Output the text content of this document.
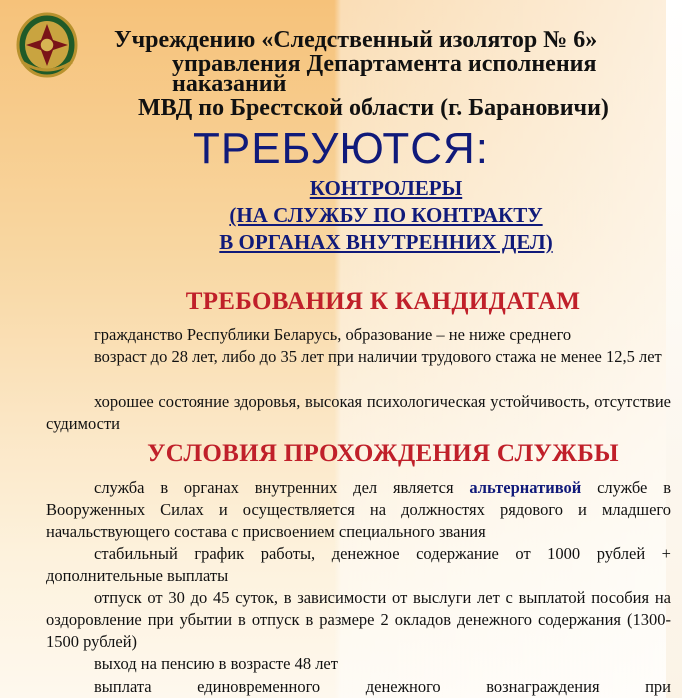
Учреждению «Следственный изолятор № 6»
управления Департамента исполнения
наказаний
МВД по Брестской области (г. Барановичи)
ТРЕБУЮТСЯ:
КОНТРОЛЕРЫ
(НА СЛУЖБУ ПО КОНТРАКТУ
В ОРГАНАХ ВНУТРЕННИХ ДЕЛ)
ТРЕБОВАНИЯ К КАНДИДАТАМ
гражданство Республики Беларусь, образование – не ниже среднего
возраст до 28 лет, либо до 35 лет при наличии трудового стажа не менее 12,5 лет
хорошее состояние здоровья, высокая психологическая устойчивость, отсутствие судимости
УСЛОВИЯ ПРОХОЖДЕНИЯ СЛУЖБЫ
служба в органах внутренних дел является альтернативой службе в Вооруженных Силах и осуществляется на должностях рядового и младшего начальствующего состава с присвоением специального звания
стабильный график работы, денежное содержание от 1000 рублей + дополнительные выплаты
отпуск от 30 до 45 суток, в зависимости от выслуги лет с выплатой пособия на оздоровление при убытии в отпуск в размере 2 окладов денежного содержания (1300-1500 рублей)
выход на пенсию в возрасте 48 лет
выплата единовременного денежного вознаграждения при
